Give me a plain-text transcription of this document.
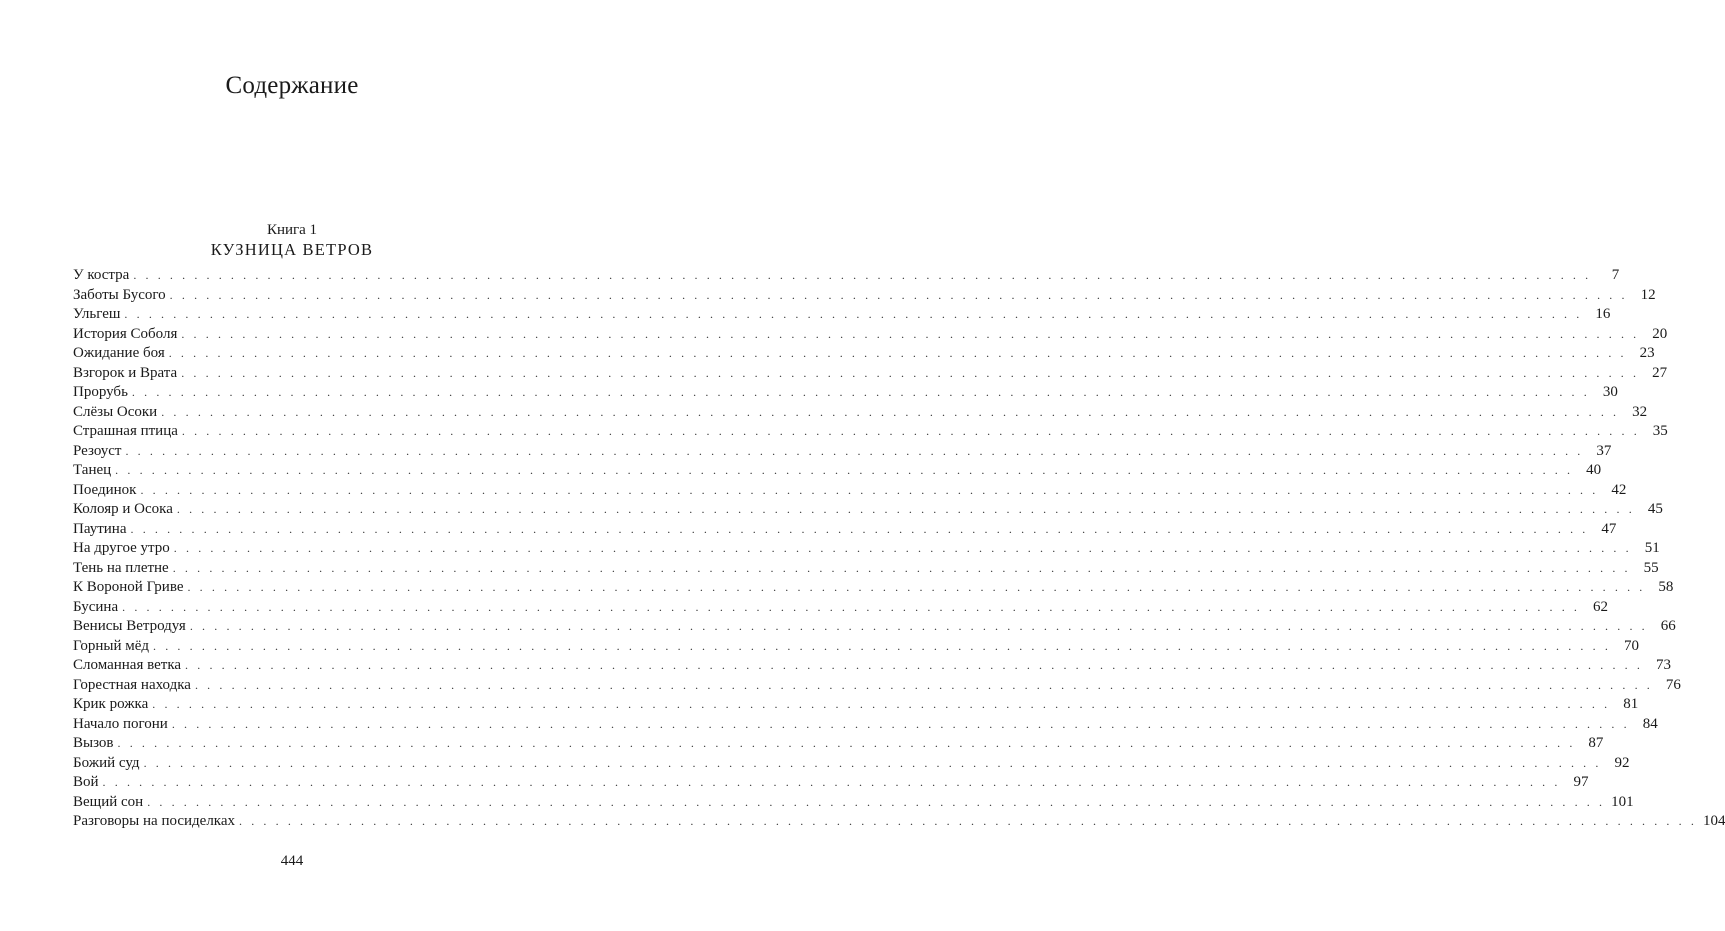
Содержание
Книга 1
КУЗНИЦА ВЕТРОВ
У костра . . . . . . . . . . . . . . . . . . . . . . . . . . . . . . . . . . . . . . . . . . . . . . . . . . . . . . . . . . . . . . . . . . . . . . . . . . . . . . . . . . . . . . . . . . . . . . . . . . . . . . . . . . . . . . . . . . . . . . . .	7
Заботы Бусого . . . . . . . . . . . . . . . . . . . . . . . . . . . . . . . . . . . . . . . . . . . . . . . . . . . . . . . . . . . . . . . . . . . . . . . . . . . . . . . . . . . . . . . . . . . . . . . . . . . . . . . . . . . . . . . . . . . . . . . . 12
Ульгеш . . . . . . . . . . . . . . . . . . . . . . . . . . . . . . . . . . . . . . . . . . . . . . . . . . . . . . . . . . . . . . . . . . . . . . . . . . . . . . . . . . . . . . . . . . . . . . . . . . . . . . . . . . . . . . . . . . . . . . . . 16
История Соболя . . . . . . . . . . . . . . . . . . . . . . . . . . . . . . . . . . . . . . . . . . . . . . . . . . . . . . . . . . . . . . . . . . . . . . . . . . . . . . . . . . . . . . . . . . . . . . . . . . . . . . . . . . . . . . . . . . . . . . . . 20
Ожидание боя . . . . . . . . . . . . . . . . . . . . . . . . . . . . . . . . . . . . . . . . . . . . . . . . . . . . . . . . . . . . . . . . . . . . . . . . . . . . . . . . . . . . . . . . . . . . . . . . . . . . . . . . . . . . . . . . . . . . . . . . 23
Взгорок и Врата . . . . . . . . . . . . . . . . . . . . . . . . . . . . . . . . . . . . . . . . . . . . . . . . . . . . . . . . . . . . . . . . . . . . . . . . . . . . . . . . . . . . . . . . . . . . . . . . . . . . . . . . . . . . . . . . . . . . . . . . 27
Прорубь . . . . . . . . . . . . . . . . . . . . . . . . . . . . . . . . . . . . . . . . . . . . . . . . . . . . . . . . . . . . . . . . . . . . . . . . . . . . . . . . . . . . . . . . . . . . . . . . . . . . . . . . . . . . . . . . . . . . . . . . 30
Слёзы Осоки . . . . . . . . . . . . . . . . . . . . . . . . . . . . . . . . . . . . . . . . . . . . . . . . . . . . . . . . . . . . . . . . . . . . . . . . . . . . . . . . . . . . . . . . . . . . . . . . . . . . . . . . . . . . . . . . . . . . . . . . 32
Страшная птица . . . . . . . . . . . . . . . . . . . . . . . . . . . . . . . . . . . . . . . . . . . . . . . . . . . . . . . . . . . . . . . . . . . . . . . . . . . . . . . . . . . . . . . . . . . . . . . . . . . . . . . . . . . . . . . . . . . . . . . . 35
Резоуст . . . . . . . . . . . . . . . . . . . . . . . . . . . . . . . . . . . . . . . . . . . . . . . . . . . . . . . . . . . . . . . . . . . . . . . . . . . . . . . . . . . . . . . . . . . . . . . . . . . . . . . . . . . . . . . . . . . . . . . . 37
Танец . . . . . . . . . . . . . . . . . . . . . . . . . . . . . . . . . . . . . . . . . . . . . . . . . . . . . . . . . . . . . . . . . . . . . . . . . . . . . . . . . . . . . . . . . . . . . . . . . . . . . . . . . . . . . . . . . . . . . . . . 40
Поединок . . . . . . . . . . . . . . . . . . . . . . . . . . . . . . . . . . . . . . . . . . . . . . . . . . . . . . . . . . . . . . . . . . . . . . . . . . . . . . . . . . . . . . . . . . . . . . . . . . . . . . . . . . . . . . . . . . . . . . . . 42
Колояр и Осока . . . . . . . . . . . . . . . . . . . . . . . . . . . . . . . . . . . . . . . . . . . . . . . . . . . . . . . . . . . . . . . . . . . . . . . . . . . . . . . . . . . . . . . . . . . . . . . . . . . . . . . . . . . . . . . . . . . . . . . . 45
Паутина . . . . . . . . . . . . . . . . . . . . . . . . . . . . . . . . . . . . . . . . . . . . . . . . . . . . . . . . . . . . . . . . . . . . . . . . . . . . . . . . . . . . . . . . . . . . . . . . . . . . . . . . . . . . . . . . . . . . . . . . 47
На другое утро . . . . . . . . . . . . . . . . . . . . . . . . . . . . . . . . . . . . . . . . . . . . . . . . . . . . . . . . . . . . . . . . . . . . . . . . . . . . . . . . . . . . . . . . . . . . . . . . . . . . . . . . . . . . . . . . . . . . . . . . 51
Тень на плетне . . . . . . . . . . . . . . . . . . . . . . . . . . . . . . . . . . . . . . . . . . . . . . . . . . . . . . . . . . . . . . . . . . . . . . . . . . . . . . . . . . . . . . . . . . . . . . . . . . . . . . . . . . . . . . . . . . . . . . . . 55
К Вороной Гриве . . . . . . . . . . . . . . . . . . . . . . . . . . . . . . . . . . . . . . . . . . . . . . . . . . . . . . . . . . . . . . . . . . . . . . . . . . . . . . . . . . . . . . . . . . . . . . . . . . . . . . . . . . . . . . . . . . . . . . . . 58
Бусина . . . . . . . . . . . . . . . . . . . . . . . . . . . . . . . . . . . . . . . . . . . . . . . . . . . . . . . . . . . . . . . . . . . . . . . . . . . . . . . . . . . . . . . . . . . . . . . . . . . . . . . . . . . . . . . . . . . . . . . . 62
Венисы Ветродуя . . . . . . . . . . . . . . . . . . . . . . . . . . . . . . . . . . . . . . . . . . . . . . . . . . . . . . . . . . . . . . . . . . . . . . . . . . . . . . . . . . . . . . . . . . . . . . . . . . . . . . . . . . . . . . . . . . . . . . . . 66
Горный мёд . . . . . . . . . . . . . . . . . . . . . . . . . . . . . . . . . . . . . . . . . . . . . . . . . . . . . . . . . . . . . . . . . . . . . . . . . . . . . . . . . . . . . . . . . . . . . . . . . . . . . . . . . . . . . . . . . . . . . . . . 70
Сломанная ветка . . . . . . . . . . . . . . . . . . . . . . . . . . . . . . . . . . . . . . . . . . . . . . . . . . . . . . . . . . . . . . . . . . . . . . . . . . . . . . . . . . . . . . . . . . . . . . . . . . . . . . . . . . . . . . . . . . . . . . . . 73
Горестная находка . . . . . . . . . . . . . . . . . . . . . . . . . . . . . . . . . . . . . . . . . . . . . . . . . . . . . . . . . . . . . . . . . . . . . . . . . . . . . . . . . . . . . . . . . . . . . . . . . . . . . . . . . . . . . . . . . . . . . . . . 76
Крик рожка . . . . . . . . . . . . . . . . . . . . . . . . . . . . . . . . . . . . . . . . . . . . . . . . . . . . . . . . . . . . . . . . . . . . . . . . . . . . . . . . . . . . . . . . . . . . . . . . . . . . . . . . . . . . . . . . . . . . . . . . 81
Начало погони . . . . . . . . . . . . . . . . . . . . . . . . . . . . . . . . . . . . . . . . . . . . . . . . . . . . . . . . . . . . . . . . . . . . . . . . . . . . . . . . . . . . . . . . . . . . . . . . . . . . . . . . . . . . . . . . . . . . . . . . 84
Вызов . . . . . . . . . . . . . . . . . . . . . . . . . . . . . . . . . . . . . . . . . . . . . . . . . . . . . . . . . . . . . . . . . . . . . . . . . . . . . . . . . . . . . . . . . . . . . . . . . . . . . . . . . . . . . . . . . . . . . . . . 87
Божий суд . . . . . . . . . . . . . . . . . . . . . . . . . . . . . . . . . . . . . . . . . . . . . . . . . . . . . . . . . . . . . . . . . . . . . . . . . . . . . . . . . . . . . . . . . . . . . . . . . . . . . . . . . . . . . . . . . . . . . . . . 92
Вой . . . . . . . . . . . . . . . . . . . . . . . . . . . . . . . . . . . . . . . . . . . . . . . . . . . . . . . . . . . . . . . . . . . . . . . . . . . . . . . . . . . . . . . . . . . . . . . . . . . . . . . . . . . . . . . . . . . . . . . . 97
Вещий сон . . . . . . . . . . . . . . . . . . . . . . . . . . . . . . . . . . . . . . . . . . . . . . . . . . . . . . . . . . . . . . . . . . . . . . . . . . . . . . . . . . . . . . . . . . . . . . . . . . . . . . . . . . . . . . . . . . . . . . . . 101
Разговоры на посиделках . . . . . . . . . . . . . . . . . . . . . . . . . . . . . . . . . . . . . . . . . . . . . . . . . . . . . . . . . . . . . . . . . . . . . . . . . . . . . . . . . . . . . . . . . . . . . . . . . . . . . . . . . . . . . . . . . . . . . . . . 104
444
